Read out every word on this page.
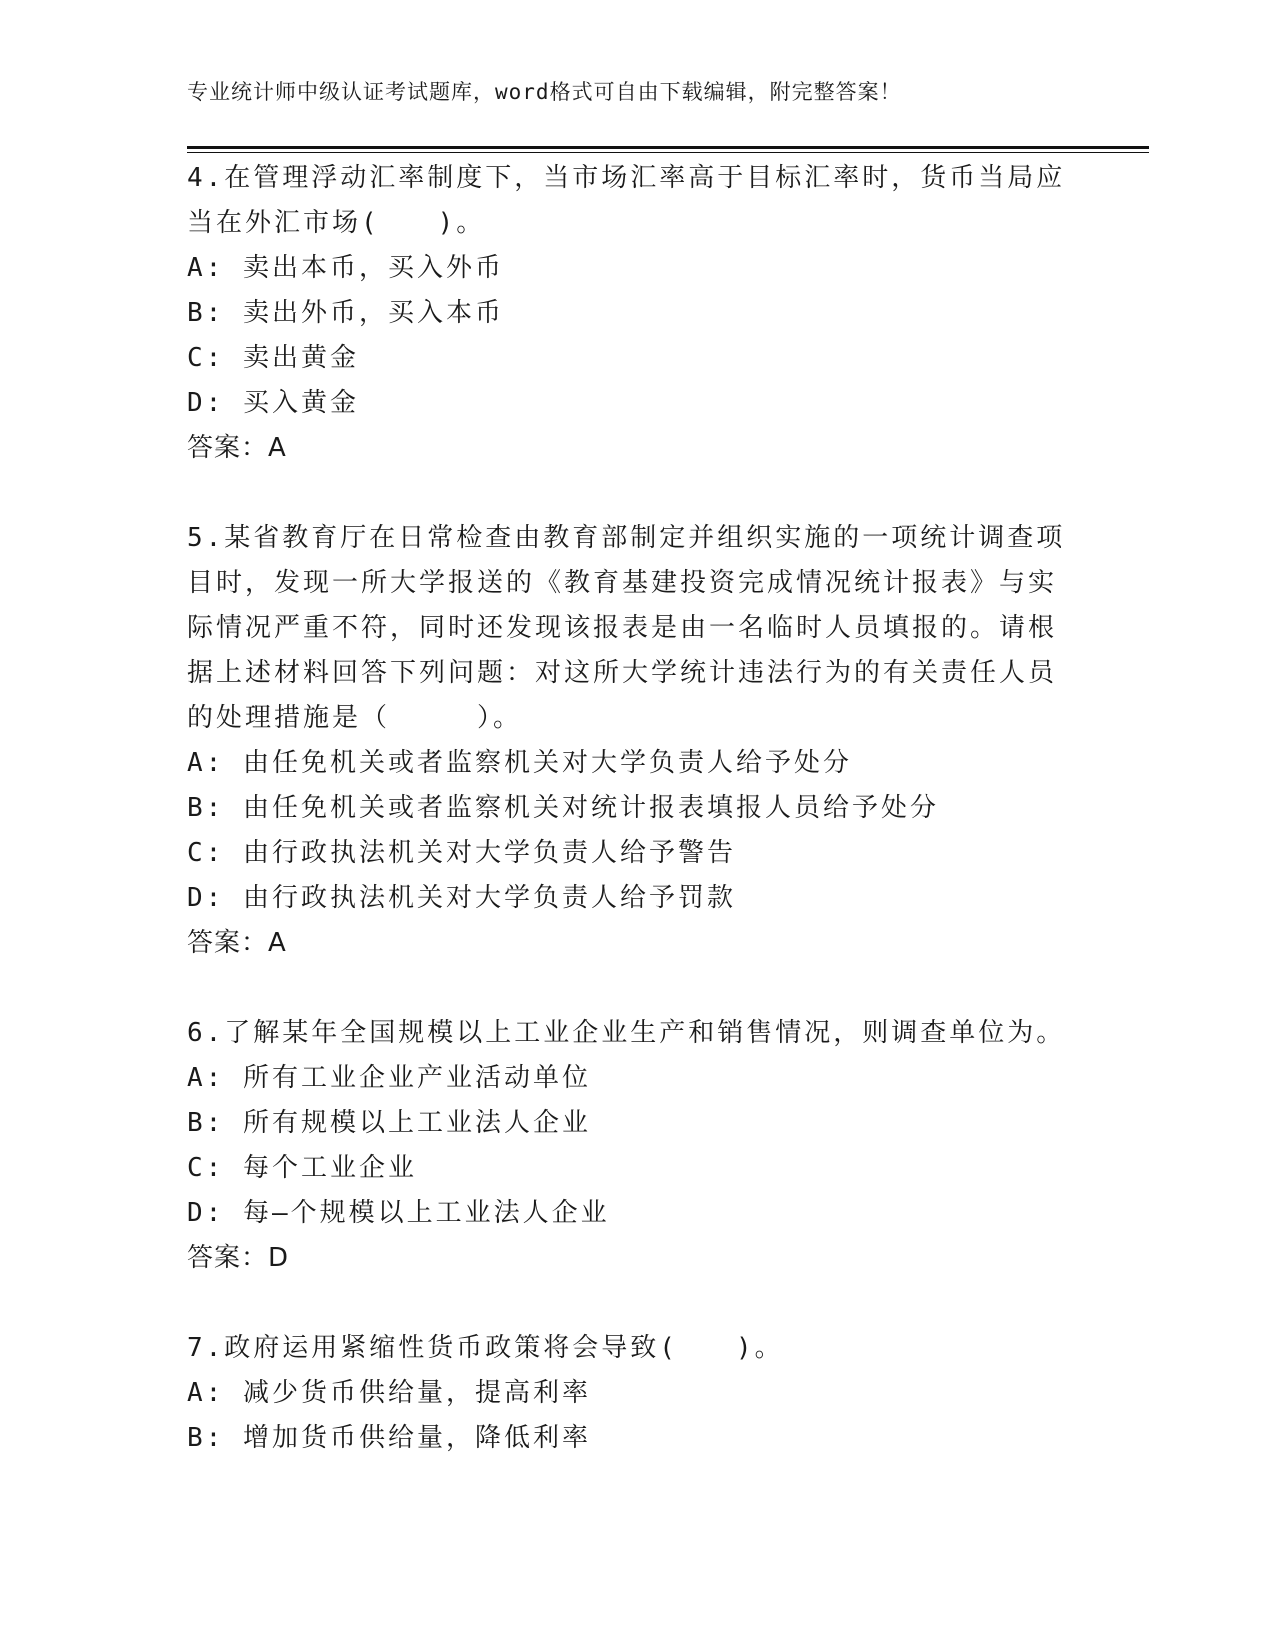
专业统计师中级认证考试题库，word格式可自由下载编辑，附完整答案！
4.在管理浮动汇率制度下，当市场汇率高于目标汇率时，货币当局应
当在外汇市场(　　)。
A: 卖出本币，买入外币
B: 卖出外币，买入本币
C: 卖出黄金
D: 买入黄金
答案：A
5.某省教育厅在日常检查由教育部制定并组织实施的一项统计调查项
目时，发现一所大学报送的《教育基建投资完成情况统计报表》与实
际情况严重不符，同时还发现该报表是由一名临时人员填报的。请根
据上述材料回答下列问题：对这所大学统计违法行为的有关责任人员
的处理措施是（　　　）。
A: 由任免机关或者监察机关对大学负责人给予处分
B: 由任免机关或者监察机关对统计报表填报人员给予处分
C: 由行政执法机关对大学负责人给予警告
D: 由行政执法机关对大学负责人给予罚款
答案：A
6.了解某年全国规模以上工业企业生产和销售情况，则调查单位为。
A: 所有工业企业产业活动单位
B: 所有规模以上工业法人企业
C: 每个工业企业
D: 每—个规模以上工业法人企业
答案：D
7.政府运用紧缩性货币政策将会导致(　　)。
A: 减少货币供给量，提高利率
B: 增加货币供给量，降低利率
